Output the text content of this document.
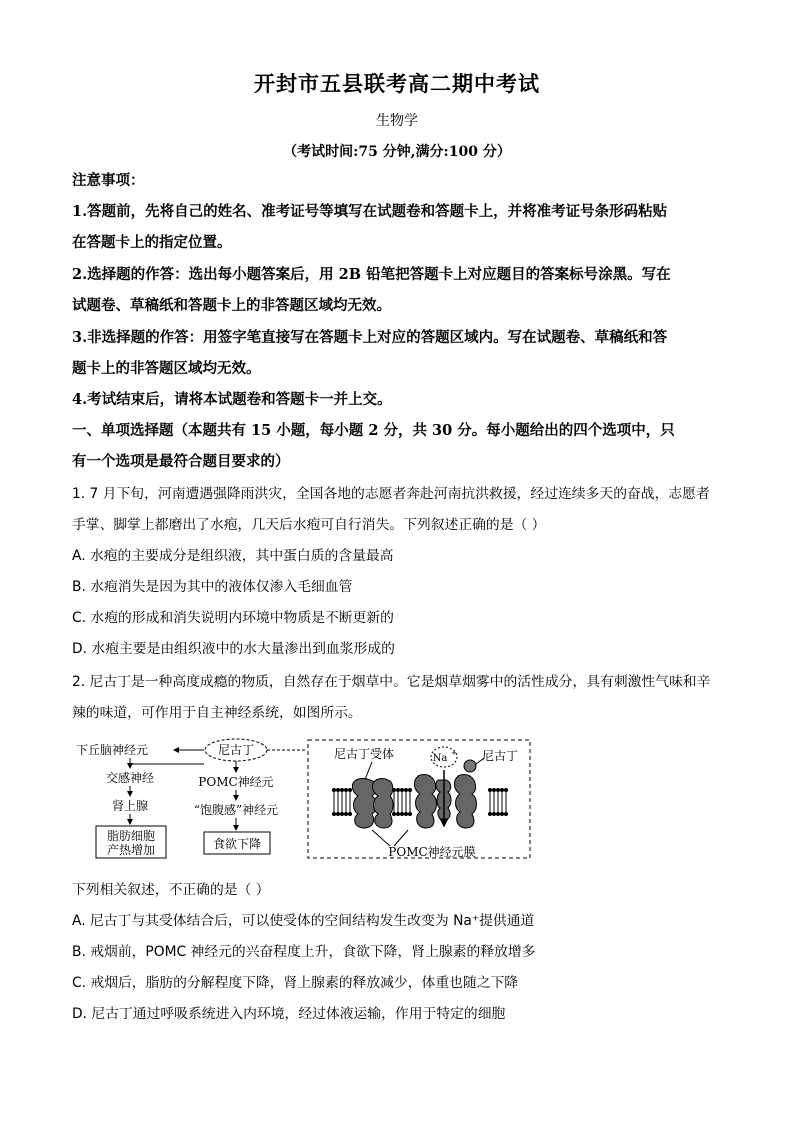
开封市五县联考高二期中考试
生物学
（考试时间:75 分钟,满分:100 分）
注意事项：
1.答题前，先将自己的姓名、准考证号等填写在试题卷和答题卡上，并将准考证号条形码粘贴
在答题卡上的指定位置。
2.选择题的作答：选出每小题答案后，用 2B 铅笔把答题卡上对应题目的答案标号涂黑。写在
试题卷、草稿纸和答题卡上的非答题区域均无效。
3.非选择题的作答：用签字笔直接写在答题卡上对应的答题区域内。写在试题卷、草稿纸和答
题卡上的非答题区域均无效。
4.考试结束后，请将本试题卷和答题卡一并上交。
一、单项选择题（本题共有 15 小题，每小题 2 分，共 30 分。每小题给出的四个选项中，只
有一个选项是最符合题目要求的）
1. 7 月下旬，河南遭遇强降雨洪灾，全国各地的志愿者奔赴河南抗洪救援，经过连续多天的奋战，志愿者
手掌、脚掌上都磨出了水疱，几天后水疱可自行消失。下列叙述正确的是（ ）
A. 水疱的主要成分是组织液，其中蛋白质的含量最高
B. 水疱消失是因为其中的液体仅渗入毛细血管
C. 水疱的形成和消失说明内环境中物质是不断更新的
D. 水疱主要是由组织液中的水大量渗出到血浆形成的
2. 尼古丁是一种高度成瘾的物质，自然存在于烟草中。它是烟草烟雾中的活性成分，具有刺激性气味和辛
辣的味道，可作用于自主神经系统，如图所示。
下丘脑神经元	尼古丁
交感神经
肾上腺
脂肪细胞
产热增加
POMC神经元
“饱腹感”神经元
食欲下降
尼古丁受体	Na + 尼古丁
POMC神经元膜
下列相关叙述，不正确的是（ ）
A. 尼古丁与其受体结合后，可以使受体的空间结构发生改变为 Na⁺提供通道
B. 戒烟前，POMC 神经元的兴奋程度上升，食欲下降，肾上腺素的释放增多
C. 戒烟后，脂肪的分解程度下降，肾上腺素的释放减少，体重也随之下降
D. 尼古丁通过呼吸系统进入内环境，经过体液运输，作用于特定的细胞
